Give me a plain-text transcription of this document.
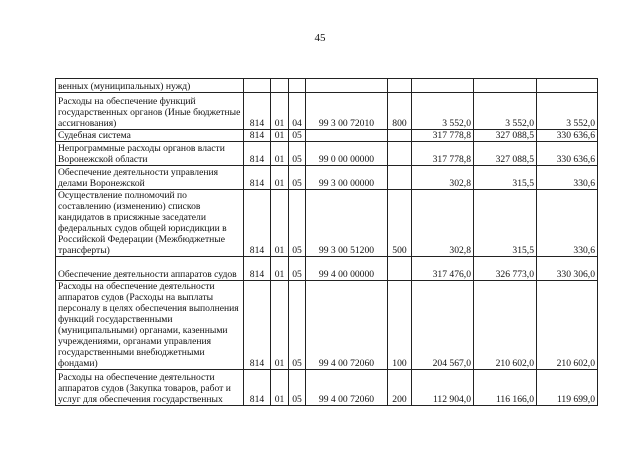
45
венных (муниципальных) нужд)								
Расходы на обеспечение функций государственных органов (Иные бюджетные ассигнования)	814	01	04	99 3 00 72010	800	3 552,0	3 552,0	3 552,0
Судебная система	814	01	05			317 778,8	327 088,5	330 636,6
Непрограммные расходы органов власти Воронежской области	814	01	05	99 0 00 00000		317 778,8	327 088,5	330 636,6
Обеспечение деятельности управления делами Воронежской	814	01	05	99 3 00 00000		302,8	315,5	330,6
Осуществление полномочий по составлению (изменению) списков кандидатов в присяжные заседатели федеральных судов общей юрисдикции в Российской Федерации (Межбюджетные трансферты)	814	01	05	99 3 00 51200	500	302,8	315,5	330,6
Обеспечение деятельности аппаратов судов	814	01	05	99 4 00 00000		317 476,0	326 773,0	330 306,0
Расходы на обеспечение деятельности аппаратов судов (Расходы на выплаты персоналу в целях обеспечения выполнения функций государственными (муниципальными) органами, казенными учреждениями, органами управления государственными внебюджетными фондами)	814	01	05	99 4 00 72060	100	204 567,0	210 602,0	210 602,0
Расходы на обеспечение деятельности аппаратов судов (Закупка товаров, работ и услуг для обеспечения государственных	814	01	05	99 4 00 72060	200	112 904,0	116 166,0	119 699,0
